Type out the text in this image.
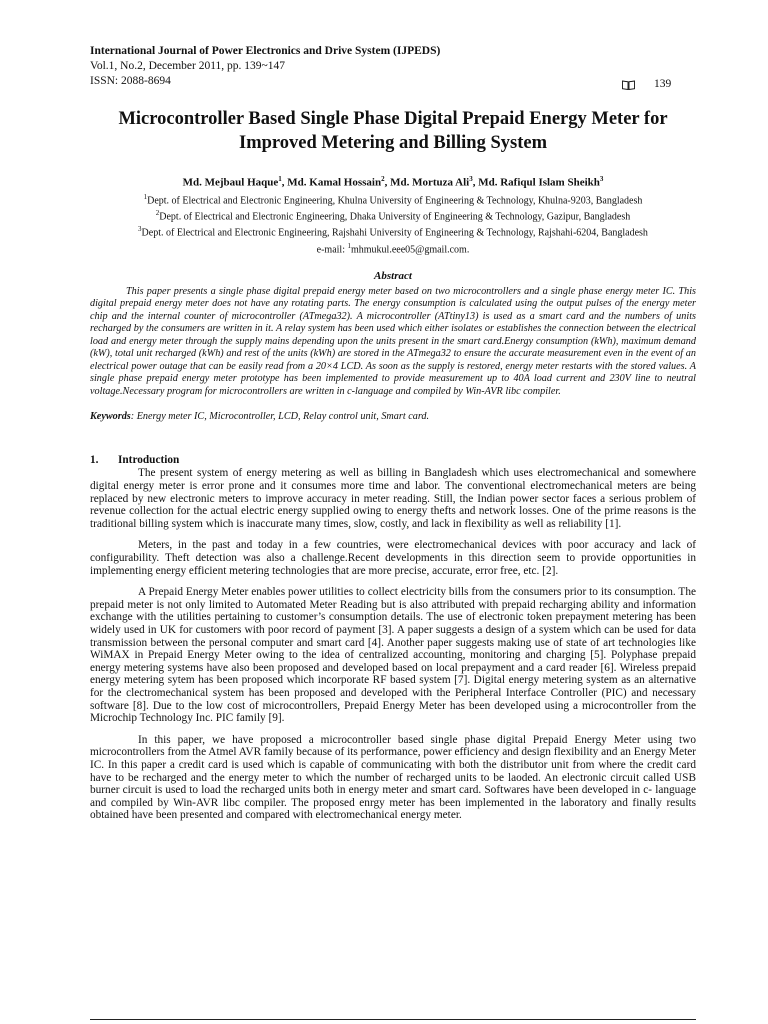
139
International Journal of Power Electronics and Drive System (IJPEDS)
Vol.1, No.2, December 2011, pp. 139~147
ISSN: 2088-8694
Microcontroller Based Single Phase Digital Prepaid Energy Meter for Improved Metering and Billing System
Md. Mejbaul Haque$^1$, Md. Kamal Hossain$^2$, Md. Mortuza Ali$^3$, Md. Rafiqul Islam Sheikh$^3$
$^1$Dept. of Electrical and Electronic Engineering, Khulna University of Engineering & Technology, Khulna-9203, Bangladesh
$^2$Dept. of Electrical and Electronic Engineering, Dhaka University of Engineering & Technology, Gazipur, Bangladesh
$^3$Dept. of Electrical and Electronic Engineering, Rajshahi University of Engineering & Technology, Rajshahi-6204, Bangladesh
e-mail: $^1$mhmukul.eee05@gmail.com.
Abstract
This paper presents a single phase digital prepaid energy meter based on two microcontrollers and a single phase energy meter IC. This digital prepaid energy meter does not have any rotating parts. The energy consumption is calculated using the output pulses of the energy meter chip and the internal counter of microcontroller (ATmega32). A microcontroller (ATtiny13) is used as a smart card and the numbers of units recharged by the consumers are written in it. A relay system has been used which either isolates or establishes the connection between the electrical load and energy meter through the supply mains depending upon the units present in the smart card.Energy consumption (kWh), maximum demand (kW), total unit recharged (kWh) and rest of the units (kWh) are stored in the ATmega32 to ensure the accurate measurement even in the event of an electrical power outage that can be easily read from a 20×4 LCD. As soon as the supply is restored, energy meter restarts with the stored values. A single phase prepaid energy meter prototype has been implemented to provide measurement up to 40A load current and 230V line to neutral voltage.Necessary program for microcontrollers are written in c-language and compiled by Win-AVR libc compiler.
Keywords: Energy meter IC, Microcontroller, LCD, Relay control unit, Smart card.
1. Introduction

The present system of energy metering as well as billing in Bangladesh which uses electromechanical and somewhere digital energy meter is error prone and it consumes more time and labor. The conventional electromechanical meters are being replaced by new electronic meters to improve accuracy in meter reading. Still, the Indian power sector faces a serious problem of revenue collection for the actual electric energy supplied owing to energy thefts and network losses. One of the prime reasons is the traditional billing system which is inaccurate many times, slow, costly, and lack in flexibility as well as reliability [1].

Meters, in the past and today in a few countries, were electromechanical devices with poor accuracy and lack of configurability. Theft detection was also a challenge.Recent developments in this direction seem to provide opportunities in implementing energy efficient metering technologies that are more precise, accurate, error free, etc. [2].

A Prepaid Energy Meter enables power utilities to collect electricity bills from the consumers prior to its consumption. The prepaid meter is not only limited to Automated Meter Reading but is also attributed with prepaid recharging ability and information exchange with the utilities pertaining to customer’s consumption details. The use of electronic token prepayment metering has been widely used in UK for customers with poor record of payment [3]. A paper suggests a design of a system which can be used for data transmission between the personal computer and smart card [4]. Another paper suggests making use of state of art technologies like WiMAX in Prepaid Energy Meter owing to the idea of centralized accounting, monitoring and charging [5]. Polyphase prepaid energy metering systems have also been proposed and developed based on local prepayment and a card reader [6]. Wireless prepaid energy metering sytem has been proposed which incorporate RF based system [7]. Digital energy metering system as an alternative for the clectromechanical system has been proposed and developed with the Peripheral Interface Controller (PIC) and necessary software [8]. Due to the low cost of microcontrollers, Prepaid Energy Meter has been developed using a microcontroller from the Microchip Technology Inc. PIC family [9].

In this paper, we have proposed a microcontroller based single phase digital Prepaid Energy Meter using two microcontrollers from the Atmel AVR family because of its performance, power efficiency and design flexibility and an Energy Meter IC. In this paper a credit card is used which is capable of communicating with both the distributor unit from where the credit card have to be recharged and the energy meter to which the number of recharged units to be laoded. An electronic circuit called USB burner circuit is used to load the recharged units both in energy meter and smart card. Softwares have been developed in c- language and compiled by Win-AVR libc compiler. The proposed enrgy meter has been implemented in the laboratory and finally results obtained have been presented and compared with electromechanical energy meter.
